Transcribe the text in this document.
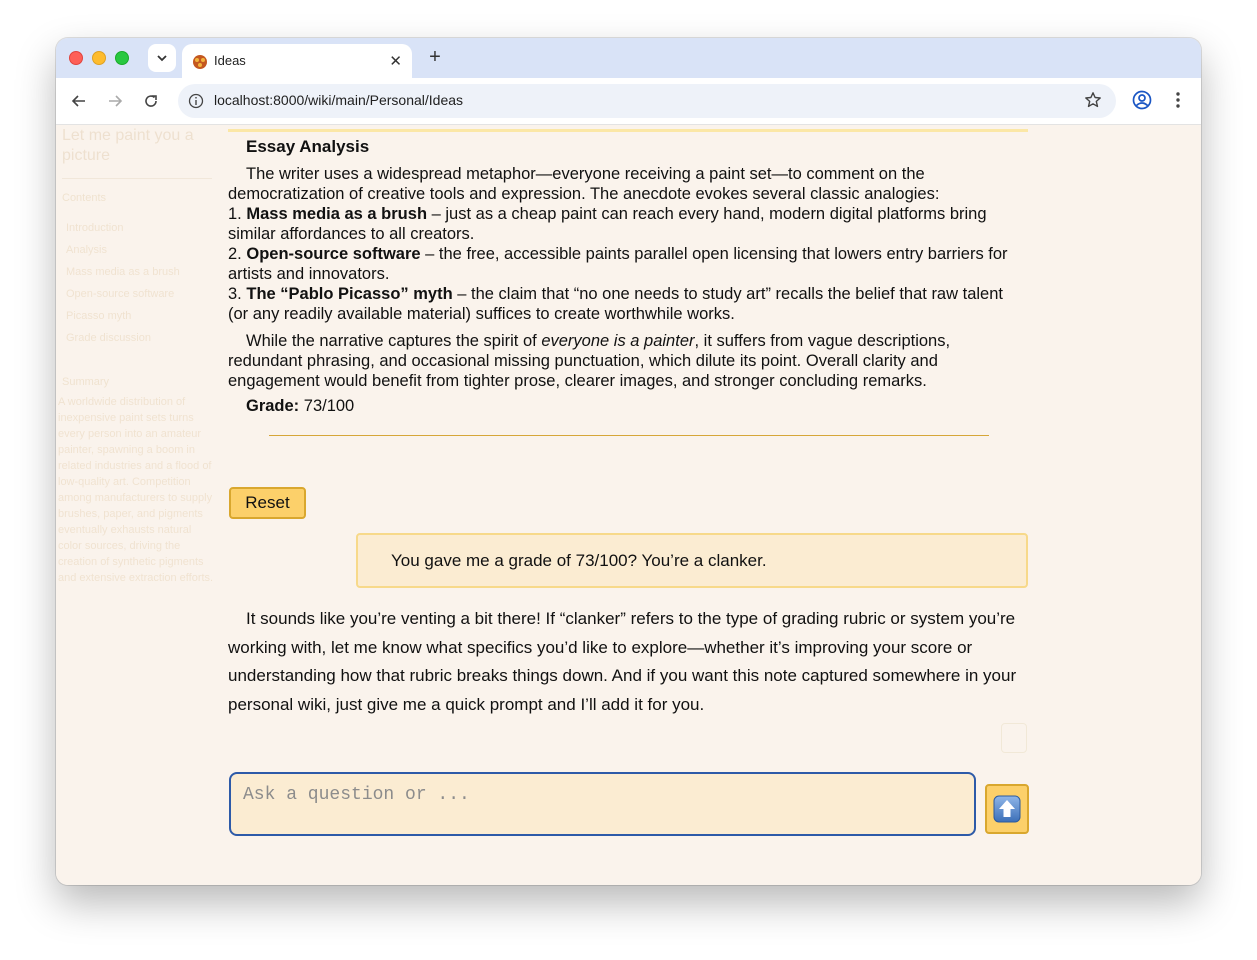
Ideas	✕ +
localhost:8000/wiki/main/Personal/Ideas
Let me paint you a picture
Contents
Introduction
Analysis
Mass media as a brush
Open-source software
Picasso myth
Grade discussion
Summary
A worldwide distribution of inexpensive paint sets turns every person into an amateur painter, spawning a boom in related industries and a flood of low-quality art. Competition among manufacturers to supply brushes, paper, and pigments eventually exhausts natural color sources, driving the creation of synthetic pigments and extensive extraction efforts.
Essay Analysis

The writer uses a widespread metaphor—everyone receiving a paint set—to comment on the democratization of creative tools and expression. The anecdote evokes several classic analogies:

1. Mass media as a brush – just as a cheap paint can reach every hand, modern digital platforms bring similar affordances to all creators.

2. Open-source software – the free, accessible paints parallel open licensing that lowers entry barriers for artists and innovators.

3. The “Pablo Picasso” myth – the claim that “no one needs to study art” recalls the belief that raw talent (or any readily available material) suffices to create worthwhile works.

While the narrative captures the spirit of everyone is a painter, it suffers from vague descriptions, redundant phrasing, and occasional missing punctuation, which dilute its point. Overall clarity and engagement would benefit from tighter prose, clearer images, and stronger concluding remarks.

Grade: 73/100
Reset
You gave me a grade of 73/100? You’re a clanker.
It sounds like you’re venting a bit there! If “clanker” refers to the type of grading rubric or system you’re working with, let me know what specifics you’d like to explore—whether it’s improving your score or understanding how that rubric breaks things down. And if you want this note captured somewhere in your personal wiki, just give me a quick prompt and I’ll add it for you.
Ask a question or ...
